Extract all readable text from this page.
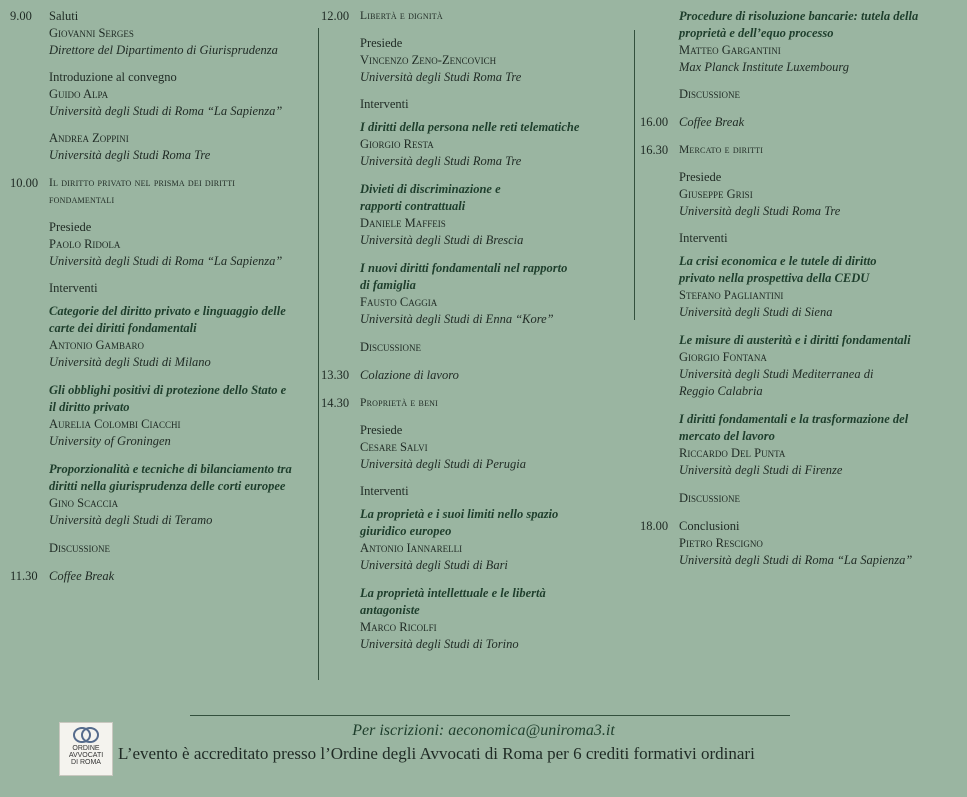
9.00	Saluti
Giovanni Serges
Direttore del Dipartimento di Giurisprudenza
Introduzione al convegno
Guido Alpa
Università degli Studi di Roma “La Sapienza”
Andrea Zoppini
Università degli Studi Roma Tre
10.00 Il diritto privato nel prisma dei diritti
fondamentali
Presiede
Paolo Ridola
Università degli Studi di Roma “La Sapienza”
Interventi
Categorie del diritto privato e linguaggio delle
carte dei diritti fondamentali
Antonio Gambaro
Università degli Studi di Milano
Gli obblighi positivi di protezione dello Stato e
il diritto privato
Aurelia Colombi Ciacchi
University of Groningen
Proporzionalità e tecniche di bilanciamento tra
diritti nella giurisprudenza delle corti europee
Gino Scaccia
Università degli Studi di Teramo
Discussione
11.30 Coffee Break
12.00 Libertà e dignità
Presiede
Vincenzo Zeno-Zencovich
Università degli Studi Roma Tre
Interventi
I diritti della persona nelle reti telematiche
Giorgio Resta
Università degli Studi Roma Tre
Divieti di discriminazione e
rapporti contrattuali
Daniele Maffeis
Università degli Studi di Brescia
I nuovi diritti fondamentali nel rapporto
di famiglia
Fausto Caggia
Università degli Studi di Enna “Kore”
Discussione
13.30 Colazione di lavoro
14.30 Proprietà e beni
Presiede
Cesare Salvi
Università degli Studi di Perugia
Interventi
La proprietà e i suoi limiti nello spazio
giuridico europeo
Antonio Iannarelli
Università degli Studi di Bari
La proprietà intellettuale e le libertà
antagoniste
Marco Ricolfi
Università degli Studi di Torino
Procedure di risoluzione bancarie: tutela della
proprietà e dell’equo processo
Matteo Gargantini
Max Planck Institute Luxembourg
Discussione
16.00 Coffee Break
16.30 Mercato e diritti
Presiede
Giuseppe Grisi
Università degli Studi Roma Tre
Interventi
La crisi economica e le tutele di diritto
privato nella prospettiva della CEDU
Stefano Pagliantini
Università degli Studi di Siena
Le misure di austerità e i diritti fondamentali
Giorgio Fontana
Università degli Studi Mediterranea di
Reggio Calabria
I diritti fondamentali e la trasformazione del
mercato del lavoro
Riccardo Del Punta
Università degli Studi di Firenze
Discussione
18.00 Conclusioni
Pietro Rescigno
Università degli Studi di Roma “La Sapienza”
Per iscrizioni: aeconomica@uniroma3.it
ORDINE
AVVOCATI
DI ROMA L’evento è accreditato presso l’Ordine degli Avvocati di Roma per 6 crediti formativi ordinari
